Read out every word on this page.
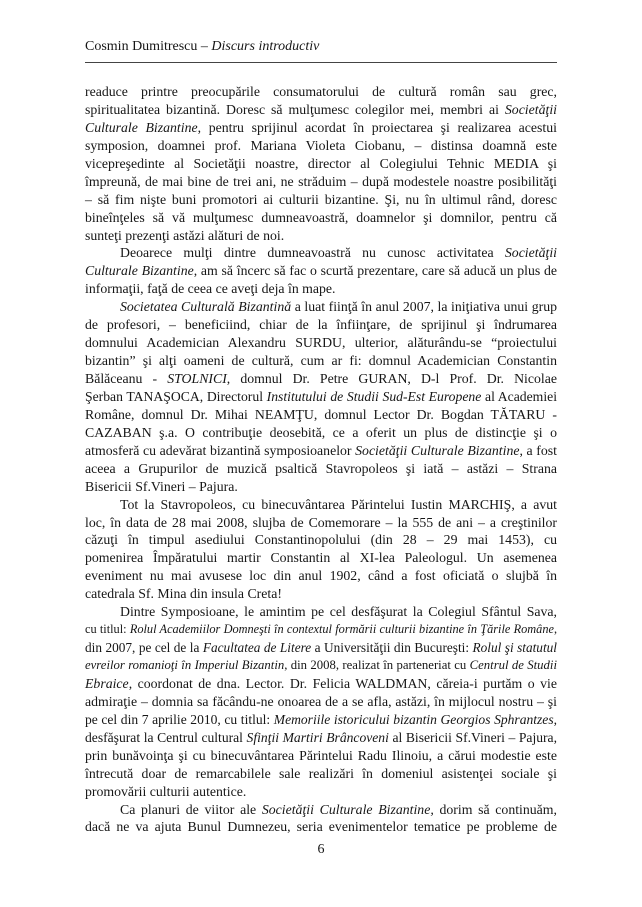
Cosmin Dumitrescu – Discurs introductiv
readuce printre preocupările consumatorului de cultură român sau grec,
spiritualitatea bizantină. Doresc să mulţumesc colegilor mei, membri ai Societăţii
Culturale Bizantine, pentru sprijinul acordat în proiectarea şi realizarea acestui
symposion, doamnei prof. Mariana Violeta Ciobanu, – distinsa doamnă este
vicepreşedinte al Societăţii noastre, director al Colegiului Tehnic MEDIA şi
împreună, de mai bine de trei ani, ne străduim – după modestele noastre posibilităţi
– să fim nişte buni promotori ai culturii bizantine. Şi, nu în ultimul rând, doresc
bineînţeles să vă mulţumesc dumneavoastră, doamnelor şi domnilor, pentru că
sunteţi prezenţi astăzi alături de noi.
Deoarece mulţi dintre dumneavoastră nu cunosc activitatea Societăţii
Culturale Bizantine, am să încerc să fac o scurtă prezentare, care să aducă un plus de
informaţii, faţă de ceea ce aveţi deja în mape.
Societatea Culturală Bizantină a luat fiinţă în anul 2007, la iniţiativa unui grup
de profesori, – beneficiind, chiar de la înfiinţare, de sprijinul şi îndrumarea
domnului Academician Alexandru SURDU, ulterior, alăturându-se “proiectului
bizantin” şi alţi oameni de cultură, cum ar fi: domnul Academician Constantin
Bălăceanu - STOLNICI, domnul Dr. Petre GURAN, D-l Prof. Dr. Nicolae
Şerban TANAŞOCA, Directorul Institutului de Studii Sud-Est Europene al Academiei
Române, domnul Dr. Mihai NEAMŢU, domnul Lector Dr. Bogdan TĂTARU -
CAZABAN ş.a. O contribuţie deosebită, ce a oferit un plus de distincţie şi o
atmosferă cu adevărat bizantină symposioanelor Societăţii Culturale Bizantine, a fost
aceea a Grupurilor de muzică psaltică Stavropoleos şi iată – astăzi – Strana
Bisericii Sf.Vineri – Pajura.
Tot la Stavropoleos, cu binecuvântarea Părintelui Iustin MARCHIŞ, a avut
loc, în data de 28 mai 2008, slujba de Comemorare – la 555 de ani – a creştinilor
căzuţi în timpul asediului Constantinopolului (din 28 – 29 mai 1453), cu
pomenirea Împăratului martir Constantin al XI-lea Paleologul. Un asemenea
eveniment nu mai avusese loc din anul 1902, când a fost oficiată o slujbă în
catedrala Sf. Mina din insula Creta!
Dintre Symposioane, le amintim pe cel desfăşurat la Colegiul Sfântul Sava,
cu titlul: Rolul Academiilor Domneşti în contextul formării culturii bizantine în Ţările Române,
din 2007, pe cel de la Facultatea de Litere a Universităţii din Bucureşti: Rolul şi statutul
evreilor romanioţi în Imperiul Bizantin, din 2008, realizat în parteneriat cu Centrul de Studii
Ebraice, coordonat de dna. Lector. Dr. Felicia WALDMAN, căreia-i purtăm o vie
admiraţie – domnia sa făcându-ne onoarea de a se afla, astăzi, în mijlocul nostru – şi
pe cel din 7 aprilie 2010, cu titlul: Memoriile istoricului bizantin Georgios Sphrantzes,
desfăşurat la Centrul cultural Sfinţii Martiri Brâncoveni al Bisericii Sf.Vineri – Pajura,
prin bunăvoinţa şi cu binecuvântarea Părintelui Radu Ilinoiu, a cărui modestie este
întrecută doar de remarcabilele sale realizări în domeniul asistenţei sociale şi
promovării culturii autentice.
Ca planuri de viitor ale Societăţii Culturale Bizantine, dorim să continuăm,
dacă ne va ajuta Bunul Dumnezeu, seria evenimentelor tematice pe probleme de
6
